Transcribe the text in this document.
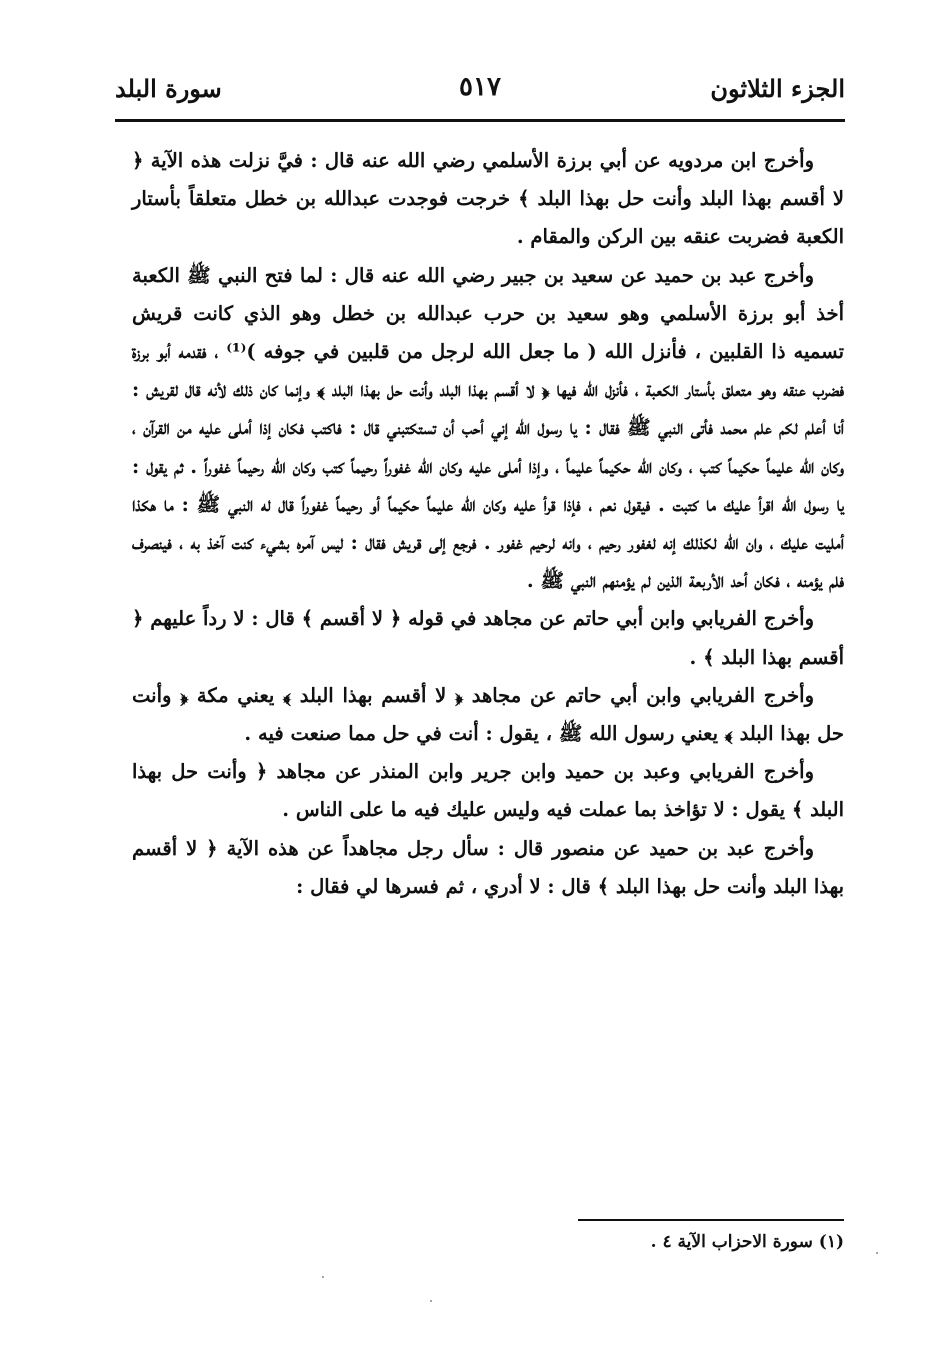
الجزء الثلاثون
٥١٧
سورة البلد

وأخرج ابن مردويه عن أبي برزة الأسلمي رضي الله عنه قال : فيَّ نزلت هذه الآية ﴿ لا أقسم بهذا البلد وأنت حل بهذا البلد ﴾ خرجت فوجدت عبدالله بن خطل متعلقاً بأستار الكعبة فضربت عنقه بين الركن والمقام .

وأخرج عبد بن حميد عن سعيد بن جبير رضي الله عنه قال : لما فتح النبي ﷺ الكعبة أخذ أبو برزة الأسلمي وهو سعيد بن حرب عبدالله بن خطل وهو الذي كانت قريش تسميه ذا القلبين ، فأنزل الله ( ما جعل الله لرجل من قلبين في جوفه )⁽¹⁾ ، فقدمه أبو برزة فضرب عنقه وهو متعلق بأستار الكعبة ، فأنزل الله فيها ﴿ لا أقسم بهذا البلد وأنت حل بهذا البلد ﴾ وإنما كان ذلك لأنه قال لقريش : أنا أعلم لكم علم محمد فأتى النبي ﷺ فقال : يا رسول الله إني أحب أن تستكتبني قال : فاكتب فكان إذا أملى عليه من القرآن ، وكان الله عليماً حكيماً كتب ، وكان الله حكيماً عليماً ، وإذا أملى عليه وكان الله غفوراً رحيماً كتب وكان الله رحيماً غفوراً . ثم يقول : يا رسول الله اقرأ عليك ما كتبت . فيقول نعم ، فإذا قرأ عليه وكان الله عليماً حكيماً أو رحيماً غفوراً قال له النبي ﷺ : ما هكذا أمليت عليك ، وان الله لكذلك إنه لغفور رحيم ، وانه لرحيم غفور . فرجع إلى قريش فقال : ليس آمره بشيء كنت آخذ به ، فينصرف فلم يؤمنه ، فكان أحد الأربعة الذين لم يؤمنهم النبي ﷺ .

وأخرج الفريابي وابن أبي حاتم عن مجاهد في قوله ﴿ لا أقسم ﴾ قال : لا رداً عليهم ﴿ أقسم بهذا البلد ﴾ .

وأخرج الفريابي وابن أبي حاتم عن مجاهد ﴿ لا أقسم بهذا البلد ﴾ يعني مكة ﴿ وأنت حل بهذا البلد ﴾ يعني رسول الله ﷺ ، يقول : أنت في حل مما صنعت فيه .

وأخرج الفريابي وعبد بن حميد وابن جرير وابن المنذر عن مجاهد ﴿ وأنت حل بهذا البلد ﴾ يقول : لا تؤاخذ بما عملت فيه وليس عليك فيه ما على الناس .

وأخرج عبد بن حميد عن منصور قال : سأل رجل مجاهداً عن هذه الآية ﴿ لا أقسم بهذا البلد وأنت حل بهذا البلد ﴾ قال : لا أدري ، ثم فسرها لي فقال :

(١) سورة الاحزاب الآية ٤ .
